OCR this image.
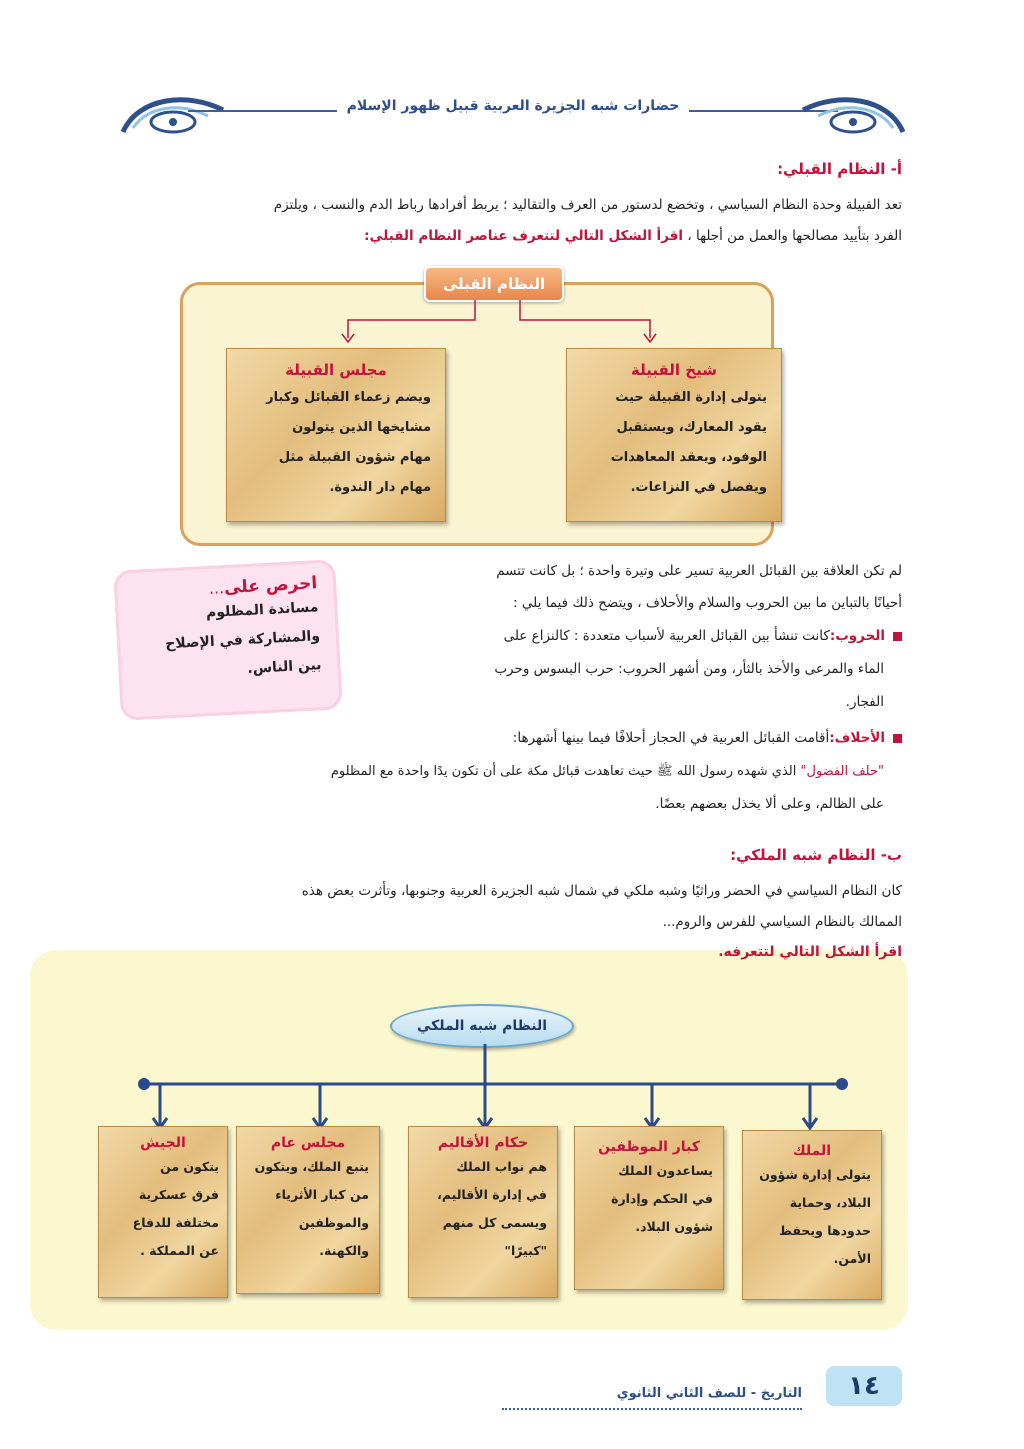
حضارات شبه الجزيرة العربية قبيل ظهور الإسلام
أ- النظام القبلي:
تعد القبيلة وحدة النظام السياسي ، وتخضع لدستور من العرف والتقاليد ؛ يربط أفرادها رباط الدم والنسب ، ويلتزم
الفرد بتأييد مصالحها والعمل من أجلها ، اقرأ الشكل التالي لتتعرف عناصر النظام القبلي:
النظام القبلى
مجلس القبيلة
ويضم زعماء القبائل وكبار
مشايخها الذين يتولون
مهام شؤون القبيلة مثل
مهام دار الندوة.
شيخ القبيلة
يتولى إدارة القبيلة حيث
يقود المعارك، ويستقبل
الوفود، ويعقد المعاهدات
ويفصل في النزاعات.
لم تكن العلاقة بين القبائل العربية تسير على وتيرة واحدة ؛ بل كانت تتسم
أحيانًا بالتباين ما بين الحروب والسلام والأحلاف ، ويتضح ذلك فيما يلي :
الحروب:كانت تنشأ بين القبائل العربية لأسباب متعددة : كالنزاع على
الماء والمرعى والأخذ بالثأر، ومن أشهر الحروب: حرب البسوس وحرب
الفجار.
الأحلاف:أقامت القبائل العربية في الحجاز أحلافًا فيما بينها أشهرها:
"حلف الفضول" الذي شهده رسول الله ﷺ حيث تعاهدت قبائل مكة على أن تكون يدًا واحدة مع المظلوم
على الظالم، وعلى ألا يخذل بعضهم بعضًا.
احرص على...
مساندة المظلوم
والمشاركة في الإصلاح
بين الناس.
ب- النظام شبه الملكي:
كان النظام السياسي في الحضر وراثيًا وشبه ملكي في شمال شبه الجزيرة العربية وجنوبها، وتأثرت بعض هذه
الممالك بالنظام السياسي للفرس والروم...
اقرأ الشكل التالي لتتعرفه.
النظام شبه الملكي
الملك
يتولى إدارة شؤون
البلاد، وحماية
حدودها ويحفظ
الأمن.
كبار الموظفين
يساعدون الملك
في الحكم وإدارة
شؤون البلاد.
حكام الأقاليم
هم نواب الملك
في إدارة الأقاليم،
ويسمى كل منهم
"كبيرًا"
مجلس عام
يتبع الملك، ويتكون
من كبار الأثرياء
والموظفين
والكهنة.
الجيش
يتكون من
فرق عسكرية
مختلفة للدفاع
عن المملكة .
١٤
التاريخ - للصف الثاني الثانوي
